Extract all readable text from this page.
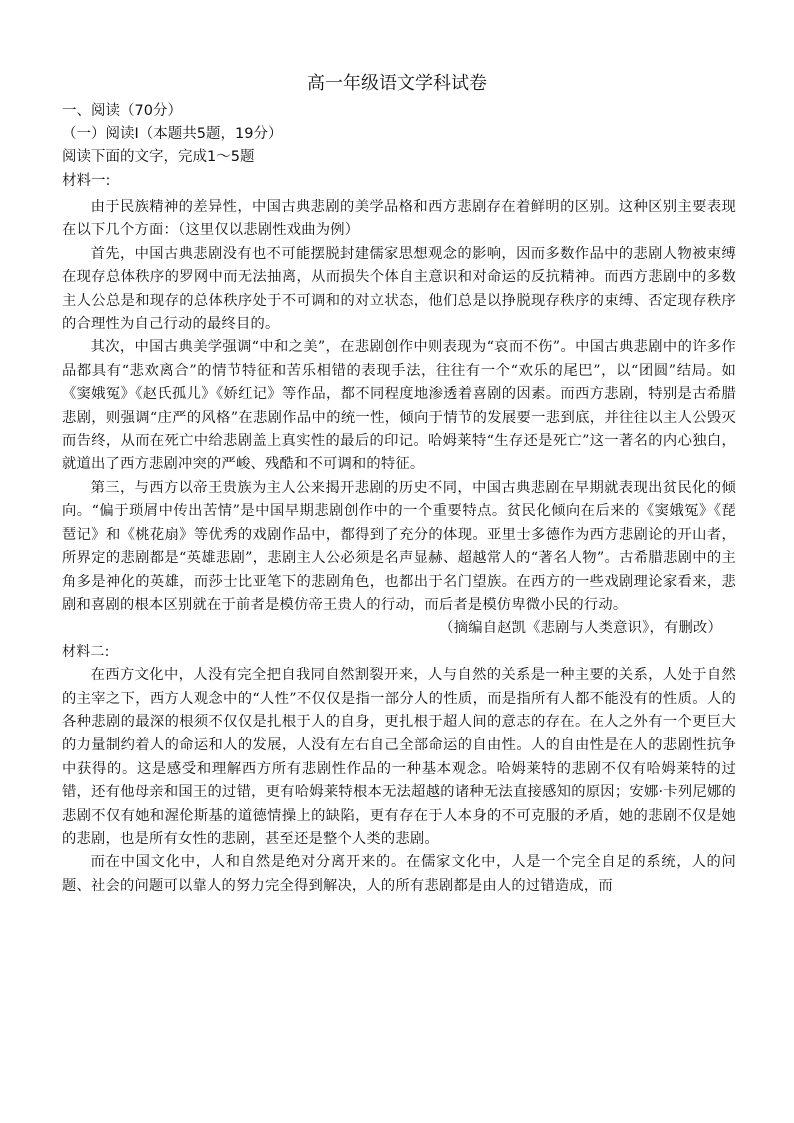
高一年级语文学科试卷
一、阅读（70分）
（一）阅读Ⅰ（本题共5题，19分）
阅读下面的文字，完成1～5题
材料一:

由于民族精神的差异性，中国古典悲剧的美学品格和西方悲剧存在着鲜明的区别。这种区别主要表现在以下几个方面：（这里仅以悲剧性戏曲为例）

首先，中国古典悲剧没有也不可能摆脱封建儒家思想观念的影响，因而多数作品中的悲剧人物被束缚在现存总体秩序的罗网中而无法抽离，从而损失个体自主意识和对命运的反抗精神。而西方悲剧中的多数主人公总是和现存的总体秩序处于不可调和的对立状态，他们总是以挣脱现存秩序的束缚、否定现存秩序的合理性为自己行动的最终目的。

其次，中国古典美学强调“中和之美”，在悲剧创作中则表现为“哀而不伤”。中国古典悲剧中的许多作品都具有“悲欢离合”的情节特征和苦乐相错的表现手法，往往有一个“欢乐的尾巴”，以“团圆”结局。如《窦娥冤》《赵氏孤儿》《娇红记》等作品，都不同程度地渗透着喜剧的因素。而西方悲剧，特别是古希腊悲剧，则强调“庄严的风格”在悲剧作品中的统一性，倾向于情节的发展要一悲到底，并往往以主人公毁灭而告终，从而在死亡中给悲剧盖上真实性的最后的印记。哈姆莱特“生存还是死亡”这一著名的内心独白，就道出了西方悲剧冲突的严峻、残酷和不可调和的特征。

第三，与西方以帝王贵族为主人公来揭开悲剧的历史不同，中国古典悲剧在早期就表现出贫民化的倾向。“偏于琐屑中传出苦情”是中国早期悲剧创作中的一个重要特点。贫民化倾向在后来的《窦娥冤》《琵琶记》和《桃花扇》等优秀的戏剧作品中，都得到了充分的体现。亚里士多德作为西方悲剧论的开山者，所界定的悲剧都是“英雄悲剧”，悲剧主人公必须是名声显赫、超越常人的“著名人物”。古希腊悲剧中的主角多是神化的英雄，而莎士比亚笔下的悲剧角色，也都出于名门望族。在西方的一些戏剧理论家看来，悲剧和喜剧的根本区别就在于前者是模仿帝王贵人的行动，而后者是模仿卑微小民的行动。

（摘编自赵凯《悲剧与人类意识》，有删改）

材料二:

在西方文化中，人没有完全把自我同自然割裂开来，人与自然的关系是一种主要的关系，人处于自然的主宰之下，西方人观念中的“人性”不仅仅是指一部分人的性质，而是指所有人都不能没有的性质。人的各种悲剧的最深的根须不仅仅是扎根于人的自身，更扎根于超人间的意志的存在。在人之外有一个更巨大的力量制约着人的命运和人的发展，人没有左右自己全部命运的自由性。人的自由性是在人的悲剧性抗争中获得的。这是感受和理解西方所有悲剧性作品的一种基本观念。哈姆莱特的悲剧不仅有哈姆莱特的过错，还有他母亲和国王的过错，更有哈姆莱特根本无法超越的诸种无法直接感知的原因；安娜·卡列尼娜的悲剧不仅有她和渥伦斯基的道德情操上的缺陷，更有存在于人本身的不可克服的矛盾，她的悲剧不仅是她的悲剧，也是所有女性的悲剧，甚至还是整个人类的悲剧。

而在中国文化中，人和自然是绝对分离开来的。在儒家文化中，人是一个完全自足的系统，人的问题、社会的问题可以靠人的努力完全得到解决，人的所有悲剧都是由人的过错造成，而
